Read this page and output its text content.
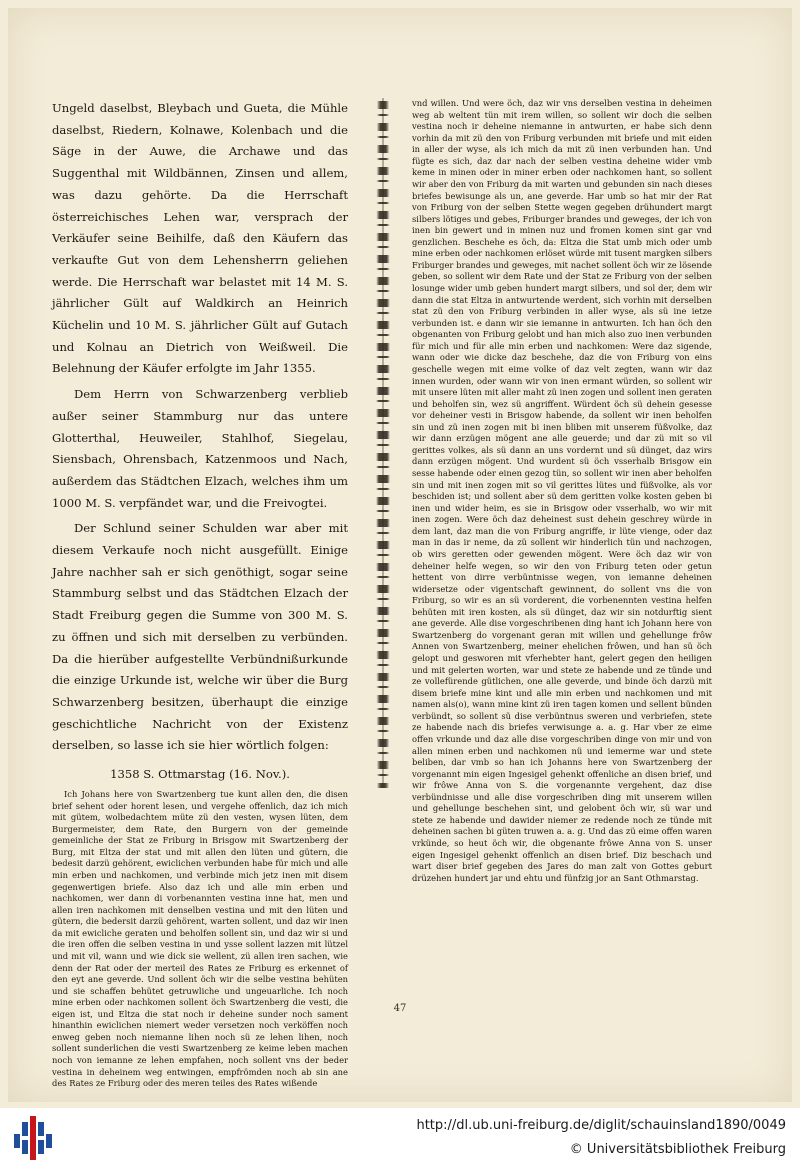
Ungeld daselbst, Bleybach und Gueta, die Mühle daselbst, Riedern, Kolnawe, Kolenbach und die Säge in der Auwe, die Archawe und das Suggenthal mit Wildbännen, Zinsen und allem, was dazu gehörte. Da die Herrschaft österreichisches Lehen war, versprach der Verkäufer seine Beihilfe, daß den Käufern das verkaufte Gut von dem Lehensherrn geliehen werde. Die Herrschaft war belastet mit 14 M. S. jährlicher Gült auf Waldkirch an Heinrich Küchelin und 10 M. S. jährlicher Gült auf Gutach und Kolnau an Dietrich von Weißweil. Die Belehnung der Käufer erfolgte im Jahr 1355.

Dem Herrn von Schwarzenberg verblieb außer seiner Stammburg nur das untere Glotterthal, Heuweiler, Stahlhof, Siegelau, Siensbach, Ohrensbach, Katzenmoos und Nach, außerdem das Städtchen Elzach, welches ihm um 1000 M. S. verpfändet war, und die Freivogtei.

Der Schlund seiner Schulden war aber mit diesem Verkaufe noch nicht ausgefüllt. Einige Jahre nachher sah er sich genöthigt, sogar seine Stammburg selbst und das Städtchen Elzach der Stadt Freiburg gegen die Summe von 300 M. S. zu öffnen und sich mit derselben zu verbünden. Da die hierüber aufgestellte Verbündnißurkunde die einzige Urkunde ist, welche wir über die Burg Schwarzenberg besitzen, überhaupt die einzige geschichtliche Nachricht von der Existenz derselben, so lasse ich sie hier wörtlich folgen:

1358 S. Ottmarstag (16. Nov.).

Ich Johans here von Swartzenberg tue kunt allen den, die disen brief sehent oder horent lesen, und vergehe offenlich, daz ich mich mit gütem, wolbedachtem müte zü den vesten, wysen lüten, dem Burgermeister, dem Rate, den Burgern von der gemeinde gemeinliche der Stat ze Friburg in Brisgow mit Swartzenberg der Burg, mit Eltza der stat und mit allen den lüten und gütern, die bedesit darzü gehörent, ewiclichen verbunden habe für mich und alle min erben und nachkomen, und verbinde mich jetz inen mit disem gegenwertigen briefe. Also daz ich und alle min erben und nachkomen, wer dann di vorbenannten vestina inne hat, men und allen iren nachkomen mit denselben vestina und mit den lüten und gütern, die bedersit darzü gehörent, warten sollent, und daz wir inen da mit ewicliche geraten und beholfen sollent sin, und daz wir si und die iren offen die selben vestina in und ysse sollent lazzen mit lützel und mit vil, wann und wie dick sie wellent, zü allen iren sachen, wie denn der Rat oder der merteil des Rates ze Friburg es erkennet of den eyt ane geverde. Und sollent öch wir die selbe vestina behüten und sie schaffen behütet getruwliche und ungeuarliche. Ich noch mine erben oder nachkomen sollent öch Swartzenberg die vesti, die eigen ist, und Eltza die stat noch ir deheine sunder noch sament hinanthin ewiclichen niemert weder versetzen noch verköffen noch enweg geben noch niemanne lihen noch sü ze lehen lihen, noch sollent sunderlichen die vesti Swartzenberg ze keime leben machen noch von iemanne ze lehen empfahen, noch sollent vns der beder vestina in deheinem weg entwingen, empfrömden noch ab sin ane des Rates ze Friburg oder des meren teiles des Rates wißende

vnd willen. Und were öch, daz wir vns derselben vestina in deheimen weg ab weltent tün mit irem willen, so sollent wir doch die selben vestina noch ir deheine niemanne in antwurten, er habe sich denn vorhin da mit zü den von Friburg verbunden mit briefe und mit eiden in aller der wyse, als ich mich da mit zü inen verbunden han. Und fügte es sich, daz dar nach der selben vestina deheine wider vmb keme in minen oder in miner erben oder nachkomen hant, so sollent wir aber den von Friburg da mit warten und gebunden sin nach dieses briefes bewisunge als un, ane geverde. Har umb so hat mir der Rat von Friburg von der selben Stette wegen gegeben drühundert margt silbers lötiges und gebes, Friburger brandes und geweges, der ich von inen bin gewert und in minen nuz und fromen komen sint gar vnd genzlichen. Beschehe es öch, da: Eltza die Stat umb mich oder umb mine erben oder nachkomen erlöset würde mit tusent margken silbers Friburger brandes und geweges, mit nachet sollent öch wir ze lösende geben, so sollent wir dem Rate und der Stat ze Friburg von der selben losunge wider umb geben hundert margt silbers, und sol der, dem wir dann die stat Eltza in antwurtende werdent, sich vorhin mit derselben stat zü den von Friburg verbinden in aller wyse, als sü ine ietze verbunden ist. e dann wir sie iemanne in antwurten. Ich han öch den obgenanten von Friburg gelobt und han mich also zuo inen verbunden für mich und für alle min erben und nachkomen: Were daz sigende, wann oder wie dicke daz beschehe, daz die von Friburg von eins geschelle wegen mit eime volke of daz velt zegten, wann wir daz innen wurden, oder wann wir von inen ermant würden, so sollent wir mit unsere lüten mit aller maht zü inen zogen und sollent inen geraten und beholfen sin, wez sü angriffent. Würdent öch sü dehein gesesse vor deheiner vesti in Brisgow habende, da sollent wir inen beholfen sin und zü inen zogen mit bi inen bliben mit unserem füßvolke, daz wir dann erzügen mögent ane alle geuerde; und dar zü mit so vil gerittes volkes, als sü dann an uns vordernt und sü dünget, daz wirs dann erzügen mögent. Und wurdent sü öch vsserhalb Brisgow ein sesse habende oder einen gezog tün, so sollent wir inen aber beholfen sin und mit inen zogen mit so vil gerittes lütes und füßvolke, als vor beschiden ist; und sollent aber sü dem geritten volke kosten geben bi inen und wider heim, es sie in Brisgow oder vsserhalb, wo wir mit inen zogen. Were öch daz deheinest sust dehein geschrey würde in dem lant, daz man die von Friburg angriffe, ir lüte vienge, oder daz man in das ir neme, da zü sollent wir hinderlich tün und nachzogen, ob wirs geretten oder gewenden mögent. Were öch daz wir von deheiner helfe wegen, so wir den von Friburg teten oder getun hettent von dirre verbüntnisse wegen, von iemanne deheinen widersetze oder vigentschaft gewinnent, do sollent vns die von Friburg, so wir es an sü vorderent, die vorbenennten vestina helfen behüten mit iren kosten, als sü dünget, daz wir sin notdurftig sient ane geverde. Alle dise vorgeschribenen ding hant ich Johann here von Swartzenberg do vorgenant geran mit willen und gehellunge frôw Annen von Swartzenberg, meiner ehelichen frôwen, und han sü öch gelopt und gesworen mit vferhebter hant, gelert gegen den heiligen und mit gelerten worten, war und stete ze habende und ze tünde und ze vollefürende gütlichen, one alle geverde, und binde öch darzü mit disem briefe mine kint und alle min erben und nachkomen und mit namen als(o), wann mine kint zü iren tagen komen und sellent bünden verbündt, so sollent sü dise verbüntnus sweren und verbriefen, stete ze habende nach dis briefes verwisunge a. a. g. Har vber ze eime offen vrkunde und daz alle dise vorgeschriben dinge von mir und von allen minen erben und nachkomen nü und iemerme war und stete beliben, dar vmb so han ich Johanns here von Swartzenberg der vorgenannt min eigen Ingesigel gehenkt offenliche an disen brief, und wir frôwe Anna von S. die vorgenannte vergehent, daz dise verbündnisse und alle dise vorgeschriben ding mit unserem willen und gehellunge beschehen sint, und gelobent öch wir, sü war und stete ze habende und dawider niemer ze redende noch ze tünde mit deheinen sachen bi güten truwen a. a. g. Und das zü eime offen waren vrkünde, so heut öch wir, die obgenante frôwe Anna von S. unser eigen Ingesigel gehenkt offenlich an disen brief. Diz beschach und wart diser brief gegeben des Jares do man zalt von Gottes geburt drüzehen hundert jar und ehtu und fünfzig jor an Sant Othmarstag.

47
http://dl.ub.uni-freiburg.de/diglit/schauinsland1890/0049
© Universitätsbibliothek Freiburg
